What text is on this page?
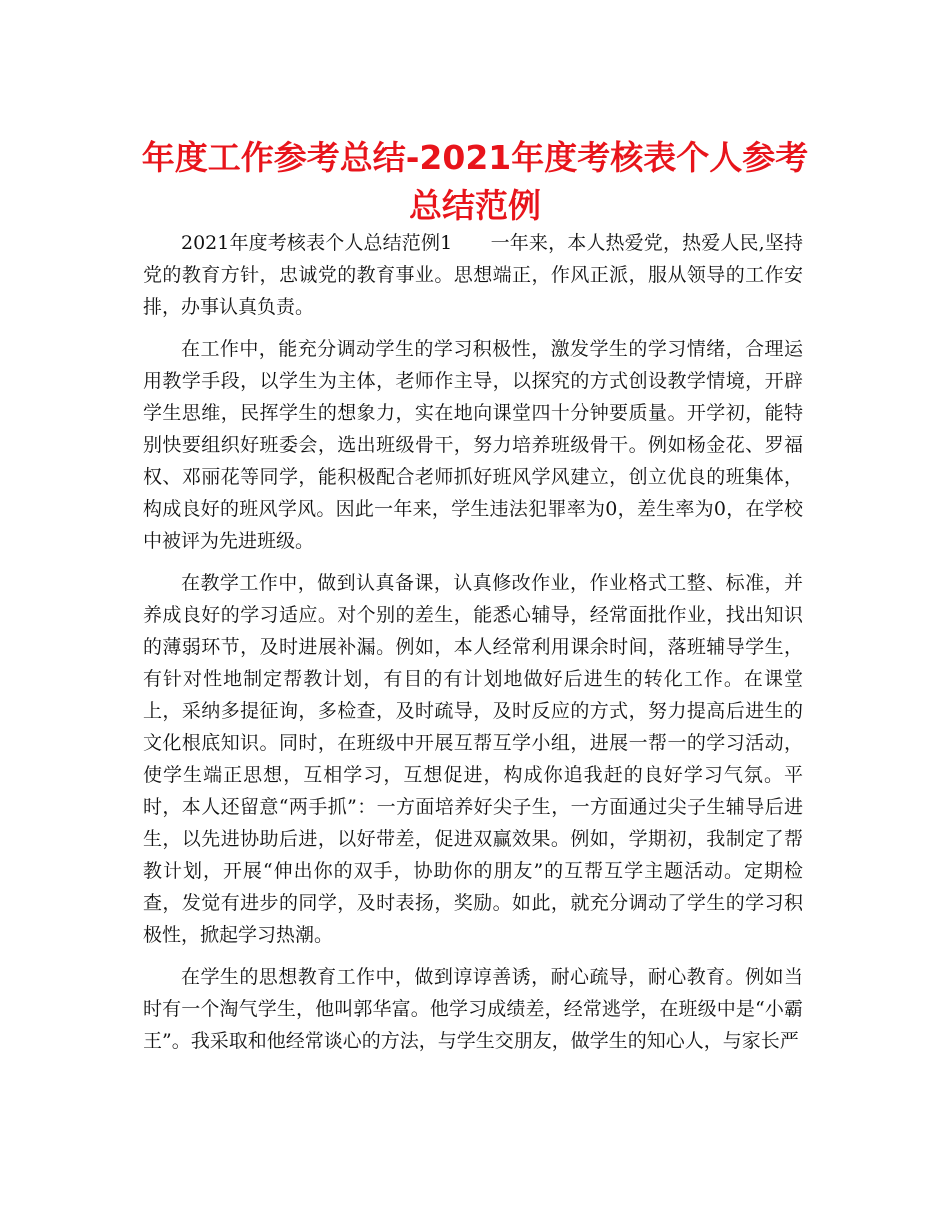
年度工作参考总结-2021年度考核表个人参考总结范例

2021年度考核表个人总结范例1　　一年来，本人热爱党，热爱人民,坚持党的教育方针，忠诚党的教育事业。思想端正，作风正派，服从领导的工作安排，办事认真负责。

在工作中，能充分调动学生的学习积极性，激发学生的学习情绪，合理运用教学手段，以学生为主体，老师作主导，以探究的方式创设教学情境，开辟学生思维，民挥学生的想象力，实在地向课堂四十分钟要质量。开学初，能特别快要组织好班委会，选出班级骨干，努力培养班级骨干。例如杨金花、罗福权、邓丽花等同学，能积极配合老师抓好班风学风建立，创立优良的班集体，构成良好的班风学风。因此一年来，学生违法犯罪率为0，差生率为0，在学校中被评为先进班级。

在教学工作中，做到认真备课，认真修改作业，作业格式工整、标准，并养成良好的学习适应。对个别的差生，能悉心辅导，经常面批作业，找出知识的薄弱环节，及时进展补漏。例如，本人经常利用课余时间，落班辅导学生，有针对性地制定帮教计划，有目的有计划地做好后进生的转化工作。在课堂上，采纳多提征询，多检查，及时疏导，及时反应的方式，努力提高后进生的文化根底知识。同时，在班级中开展互帮互学小组，进展一帮一的学习活动，使学生端正思想，互相学习，互想促进，构成你追我赶的良好学习气氛。平时，本人还留意“两手抓”：一方面培养好尖子生，一方面通过尖子生辅导后进生，以先进协助后进，以好带差，促进双赢效果。例如，学期初，我制定了帮教计划，开展“伸出你的双手，协助你的朋友”的互帮互学主题活动。定期检查，发觉有进步的同学，及时表扬，奖励。如此，就充分调动了学生的学习积极性，掀起学习热潮。

在学生的思想教育工作中，做到谆谆善诱，耐心疏导，耐心教育。例如当时有一个淘气学生，他叫郭华富。他学习成绩差，经常逃学，在班级中是“小霸王”。我采取和他经常谈心的方法，与学生交朋友，做学生的知心人，与家长严
